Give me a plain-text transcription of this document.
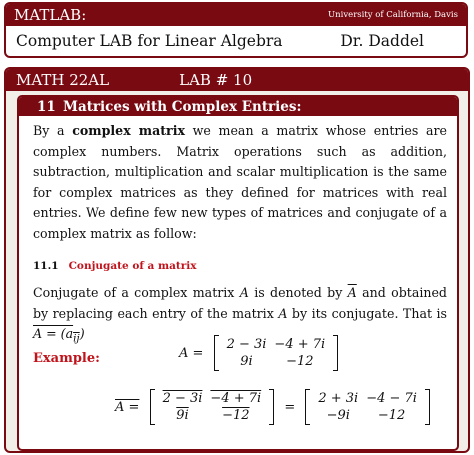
MATLAB:	University of California, Davis
Computer LAB for Linear Algebra	Dr. Daddel
MATH 22AL	LAB # 10
11 Matrices with Complex Entries:

By a complex matrix we mean a matrix whose entries are complex numbers. Matrix operations such as addition, subtraction, multiplication and scalar multiplication is the same for complex matrices as they defined for matrices with real entries. We define few new types of matrices and conjugate of a complex matrix as follow:

11.1 Conjugate of a matrix

Conjugate of a complex matrix A is denoted by $\overline{A}$ and obtained by replacing each entry of the matrix A by its conjugate. That is $A = (a_{\overline{ij}})$

Example:	A =
2 − 3i	−4 + 7i
9i	−12
A =
2 − 3i	−4 + 7i
9i	−12
=
2 + 3i	−4 − 7i
−9i	−12
